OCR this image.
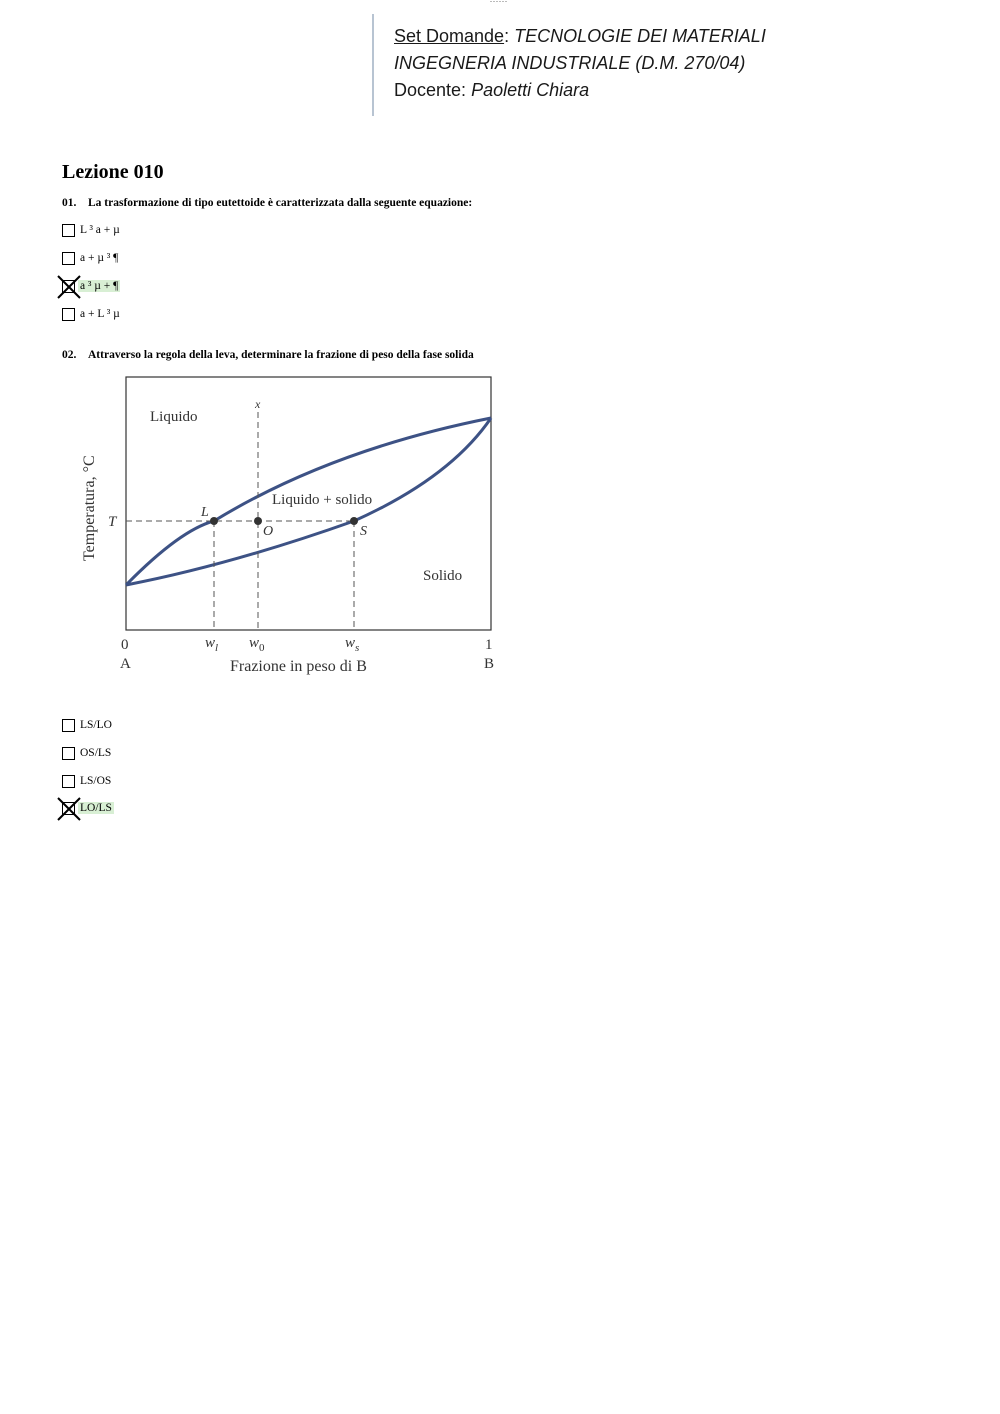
Set Domande: TECNOLOGIE DEI MATERIALI
INGEGNERIA INDUSTRIALE (D.M. 270/04)
Docente: Paoletti Chiara
Lezione 010
01. La trasformazione di tipo eutettoide è caratterizzata dalla seguente equazione:
L ³ a + µ
a + µ ³ ¶
a ³ µ + ¶
a + L ³ µ
02. Attraverso la regola della leva, determinare la frazione di peso della fase solida
Liquido
Liquido + solido
Solido
L
O	S
x
T
Temperatura, °C
0	1
A	B
$w_l$ $w_0$	$w_s$
Frazione in peso di B
LS/LO
OS/LS
LS/OS
LO/LS
